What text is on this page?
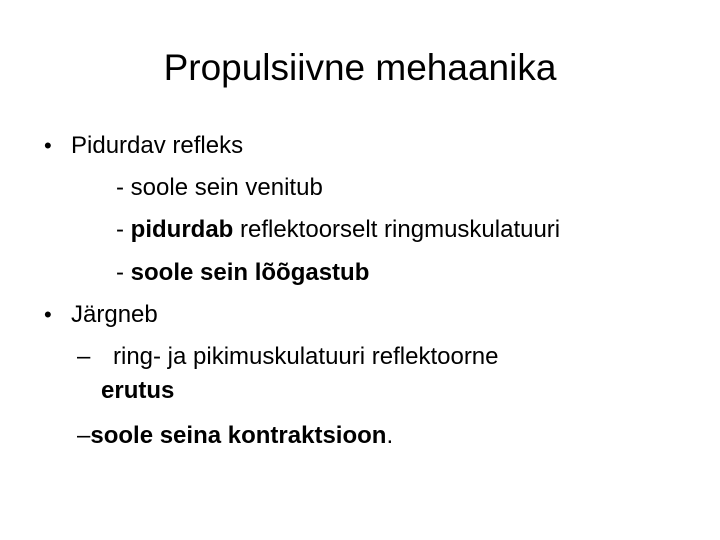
Propulsiivne mehaanika
• Pidurdav refleks
- soole sein venitub
- pidurdab reflektoorselt ringmuskulatuuri
- soole sein lõõgastub
• Järgneb
– ring- ja pikimuskulatuuri reflektoorne
erutus
–soole seina kontraktsioon.
